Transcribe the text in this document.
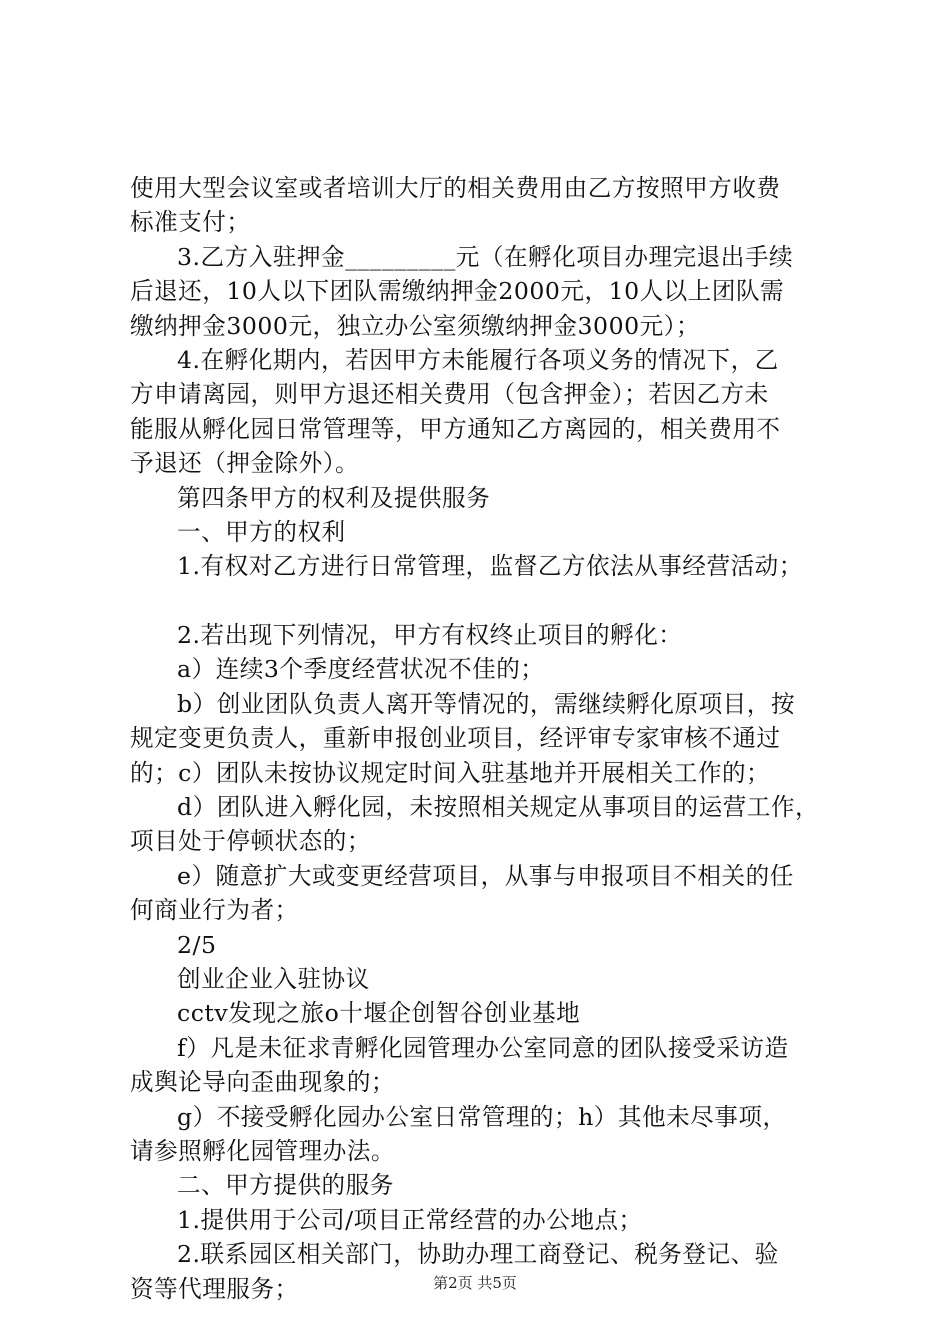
使用大型会议室或者培训大厅的相关费用由乙方按照甲方收费
标准支付；
3.乙方入驻押金_________元（在孵化项目办理完退出手续
后退还，10人以下团队需缴纳押金2000元，10人以上团队需
缴纳押金3000元，独立办公室须缴纳押金3000元）；
4.在孵化期内，若因甲方未能履行各项义务的情况下，乙
方申请离园，则甲方退还相关费用（包含押金）；若因乙方未
能服从孵化园日常管理等，甲方通知乙方离园的，相关费用不
予退还（押金除外）。
第四条甲方的权利及提供服务
一、甲方的权利
1.有权对乙方进行日常管理，监督乙方依法从事经营活动；
2.若出现下列情况，甲方有权终止项目的孵化：
a）连续3个季度经营状况不佳的；
b）创业团队负责人离开等情况的，需继续孵化原项目，按
规定变更负责人，重新申报创业项目，经评审专家审核不通过
的；c）团队未按协议规定时间入驻基地并开展相关工作的；
d）团队进入孵化园，未按照相关规定从事项目的运营工作，
项目处于停顿状态的；
e）随意扩大或变更经营项目，从事与申报项目不相关的任
何商业行为者；
2/5
创业企业入驻协议
cctv发现之旅o十堰企创智谷创业基地
f）凡是未征求青孵化园管理办公室同意的团队接受采访造
成舆论导向歪曲现象的；
g）不接受孵化园办公室日常管理的；h）其他未尽事项，
请参照孵化园管理办法。
二、甲方提供的服务
1.提供用于公司/项目正常经营的办公地点；
2.联系园区相关部门，协助办理工商登记、税务登记、验
资等代理服务；	第2页 共5页
